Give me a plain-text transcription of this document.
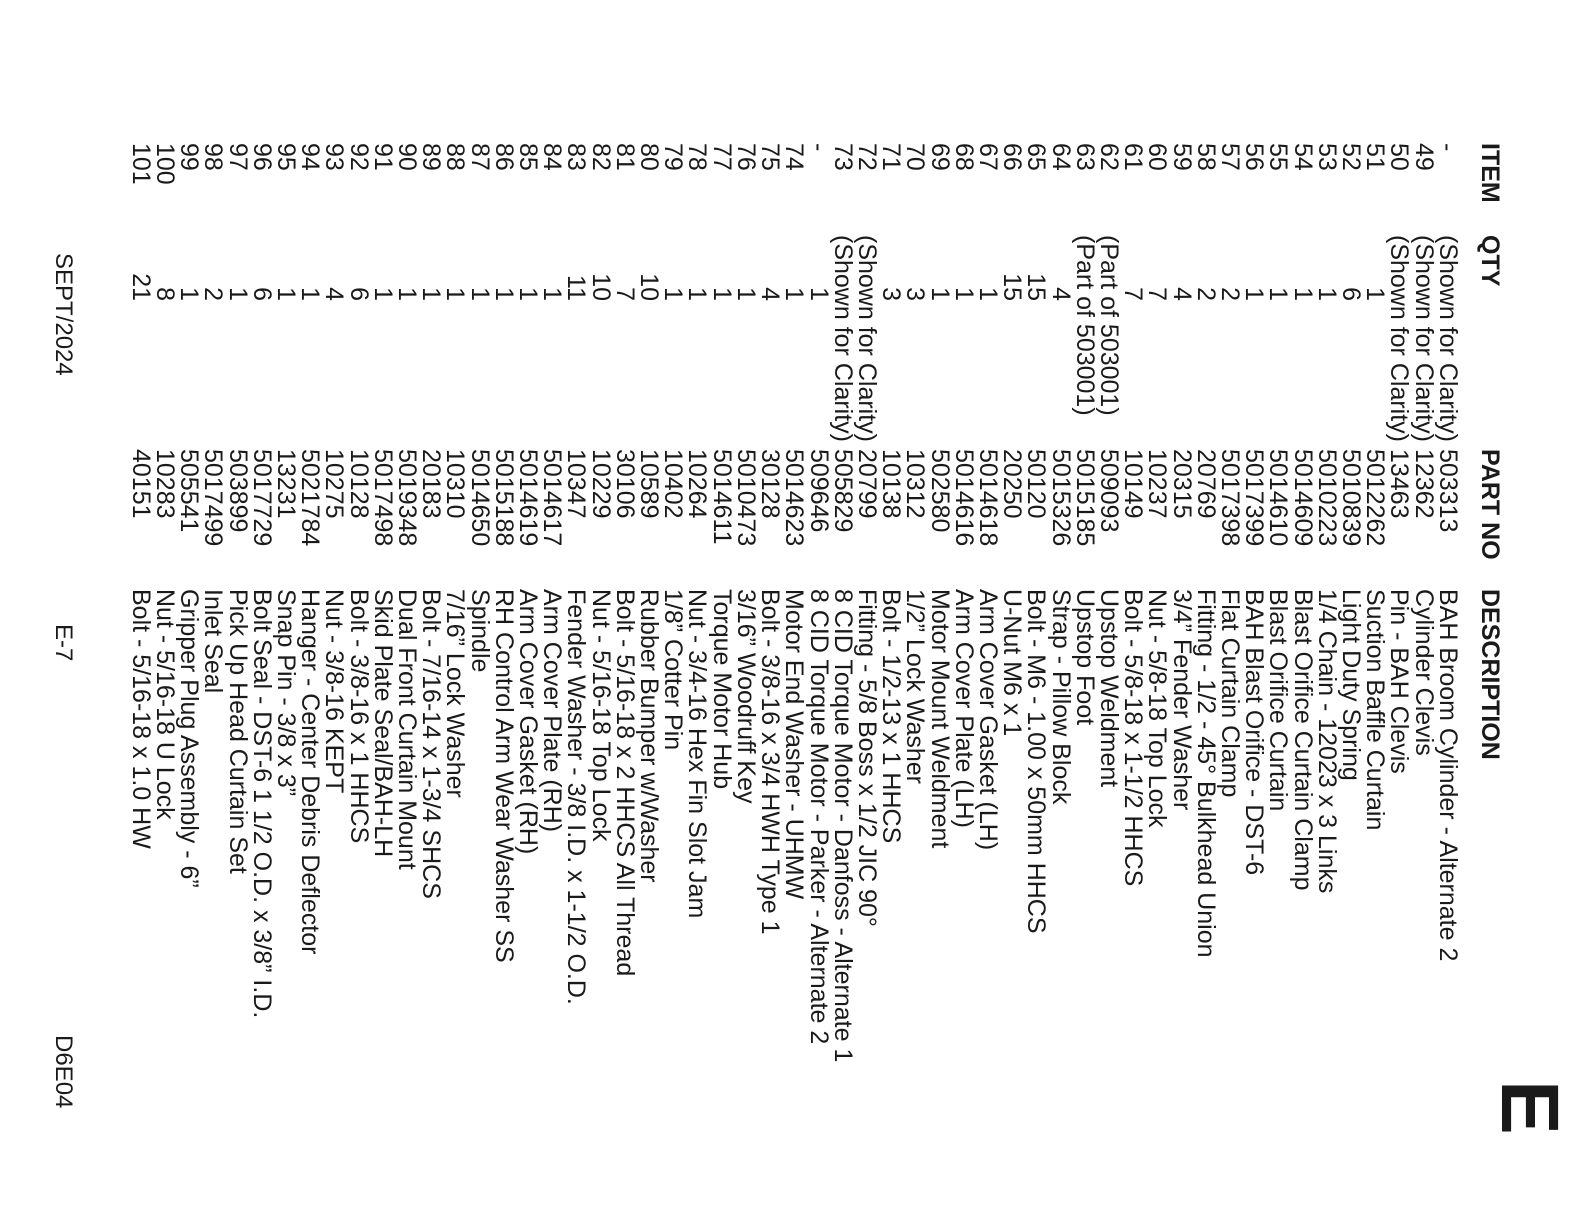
E
ITEM	QTY	PART NO	DESCRIPTION
-	(Shown for Clarity)	503313	BAH Broom Cylinder - Alternate 2
49	(Shown for Clarity)	12362	Cylinder Clevis
50	(Shown for Clarity)	13463	Pin - BAH Clevis
51	1	5012262	Suction Baffle Curtain
52	6	5010839	Light Duty Spring
53	1	5010223	1/4 Chain - 12023 x 3 Links
54	1	5014609	Blast Orifice Curtain Clamp
55	1	5014610	Blast Orifice Curtain
56	1	5017399	BAH Blast Orifice - DST-6
57	2	5017398	Flat Curtain Clamp
58	2	20769	Fitting - 1/2 - 45° Bulkhead Union
59	4	20315	3/4” Fender Washer
60	7	10237	Nut - 5/8-18 Top Lock
61	7	10149	Bolt - 5/8-18 x 1-1/2 HHCS
62	(Part of 503001)	509093	Upstop Weldment
63	(Part of 503001)	5015185	Upstop Foot
64	4	5015326	Strap - Pillow Block
65	15	50120	Bolt - M6 - 1.00 x 50mm HHCS
66	15	20250	U-Nut M6 x 1
67	1	5014618	Arm Cover Gasket (LH)
68	1	5014616	Arm Cover Plate (LH)
69	1	502580	Motor Mount Weldment
70	3	10312	1/2” Lock Washer
71	3	10138	Bolt - 1/2-13 x 1 HHCS
72	(Shown for Clarity)	20799	Fitting - 5/8 Boss x 1/2 JIC 90°
73	(Shown for Clarity)	505829	8 CID Torque Motor - Danfoss - Alternate 1
-	1	509646	8 CID Torque Motor - Parker - Alternate 2
74	1	5014623	Motor End Washer - UHMW
75	4	30128	Bolt - 3/8-16 x 3/4 HWH Type 1
76	1	5010473	3/16” Woodruff Key
77	1	5014611	Torque Motor Hub
78	1	10264	Nut - 3/4-16 Hex Fin Slot Jam
79	1	10402	1/8” Cotter Pin
80	10	10589	Rubber Bumper w/Washer
81	7	30106	Bolt - 5/16-18 x 2 HHCS All Thread
82	10	10229	Nut - 5/16-18 Top Lock
83	11	10347	Fender Washer - 3/8 I.D. x 1-1/2 O.D.
84	1	5014617	Arm Cover Plate (RH)
85	1	5014619	Arm Cover Gasket (RH)
86	1	5015188	RH Control Arm Wear Washer SS
87	1	5014650	Spindle
88	1	10310	7/16” Lock Washer
89	1	20183	Bolt - 7/16-14 x 1-3/4 SHCS
90	1	5019348	Dual Front Curtain Mount
91	1	5017498	Skid Plate Seal/BAH-LH
92	6	10128	Bolt - 3/8-16 x 1 HHCS
93	4	10275	Nut - 3/8-16 KEPT
94	1	5021784	Hanger - Center Debris Deflector
95	1	13231	Snap Pin - 3/8 x 3”
96	6	5017729	Bolt Seal - DST-6 1 1/2 O.D. x 3/8” I.D.
97	1	503899	Pick Up Head Curtain Set
98	2	5017499	Inlet Seal
99	1	505541	Gripper Plug Assembly - 6”
100	8	10283	Nut - 5/16-18 U Lock
101	21	40151	Bolt - 5/16-18 x 1.0 HW
SEPT/2024
E-7
D6E04
